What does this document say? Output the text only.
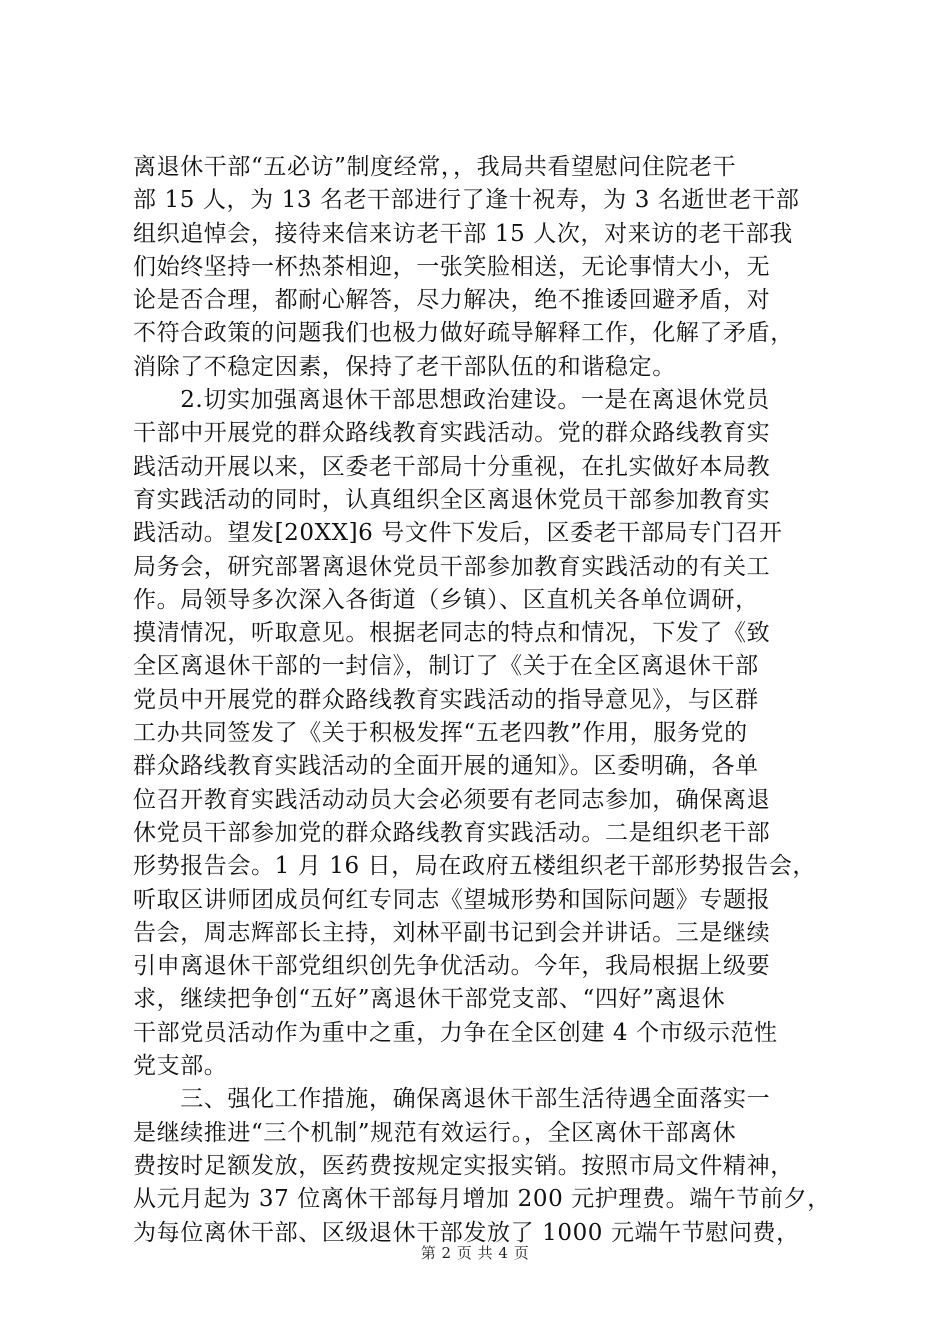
离退休干部“五必访”制度经常，，我局共看望慰问住院老干
部 15 人，为 13 名老干部进行了逢十祝寿，为 3 名逝世老干部
组织追悼会，接待来信来访老干部 15 人次，对来访的老干部我
们始终坚持一杯热茶相迎，一张笑脸相送，无论事情大小，无
论是否合理，都耐心解答，尽力解决，绝不推诿回避矛盾，对
不符合政策的问题我们也极力做好疏导解释工作，化解了矛盾，
消除了不稳定因素，保持了老干部队伍的和谐稳定。
　　2.切实加强离退休干部思想政治建设。一是在离退休党员
干部中开展党的群众路线教育实践活动。党的群众路线教育实
践活动开展以来，区委老干部局十分重视，在扎实做好本局教
育实践活动的同时，认真组织全区离退休党员干部参加教育实
践活动。望发[20XX]6 号文件下发后，区委老干部局专门召开
局务会，研究部署离退休党员干部参加教育实践活动的有关工
作。局领导多次深入各街道（乡镇）、区直机关各单位调研，
摸清情况，听取意见。根据老同志的特点和情况，下发了《致
全区离退休干部的一封信》，制订了《关于在全区离退休干部
党员中开展党的群众路线教育实践活动的指导意见》，与区群
工办共同签发了《关于积极发挥“五老四教”作用，服务党的
群众路线教育实践活动的全面开展的通知》。区委明确，各单
位召开教育实践活动动员大会必须要有老同志参加，确保离退
休党员干部参加党的群众路线教育实践活动。二是组织老干部
形势报告会。1 月 16 日，局在政府五楼组织老干部形势报告会，
听取区讲师团成员何红专同志《望城形势和国际问题》专题报
告会，周志辉部长主持，刘林平副书记到会并讲话。三是继续
引申离退休干部党组织创先争优活动。今年，我局根据上级要
求，继续把争创“五好”离退休干部党支部、“四好”离退休
干部党员活动作为重中之重，力争在全区创建 4 个市级示范性
党支部。
　　三、强化工作措施，确保离退休干部生活待遇全面落实一
是继续推进“三个机制”规范有效运行。，全区离休干部离休
费按时足额发放，医药费按规定实报实销。按照市局文件精神，
从元月起为 37 位离休干部每月增加 200 元护理费。端午节前夕，
为每位离休干部、区级退休干部发放了 1000 元端午节慰问费，
第 2 页 共 4 页
